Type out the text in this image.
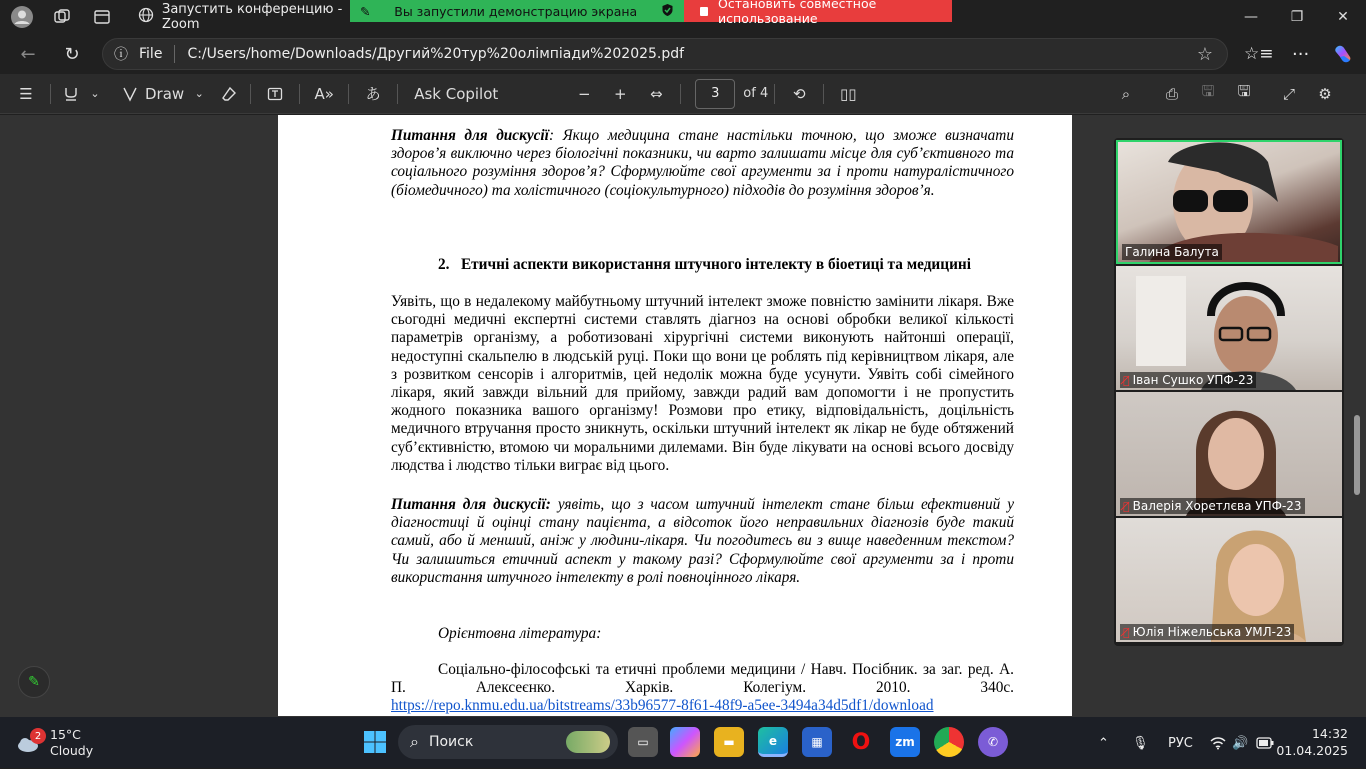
Запустить конференцию - Zoom
✎ Вы запустили демонстрацию экрана	Остановить совместное использование	—	❐	✕
←	↻	ⓘ File C:/Users/home/Downloads/Другий%20тур%20олімпіади%202025.pdf	☆ ☆≡ ···
☰	⌄	Draw ⌄	A»	あ	Ask Copilot	−	+	⇔	3	of 4	⟲	▯▯	⌕	⎙	🖫	🖫	⤢	⚙
Питання для дискусії: Якщо медицина стане настільки точною, що зможе визначати здоров’я виключно через біологічні показники, чи варто залишати місце для суб’єктивного та соціального розуміння здоров’я? Сформулюйте свої аргументи за і проти натуралістичного (біомедичного) та холістичного (соціокультурного) підходів до розуміння здоров’я.
2. Етичні аспекти використання штучного інтелекту в біоетиці та медицині
Уявіть, що в недалекому майбутньому штучний інтелект зможе повністю замінити лікаря. Вже сьогодні медичні експертні системи ставлять діагноз на основі обробки великої кількості параметрів організму, а роботизовані хірургічні системи виконують найтонші операції, недоступні скальпелю в людській руці. Поки що вони це роблять під керівництвом лікаря, але з розвитком сенсорів і алгоритмів, цей недолік можна буде усунути. Уявіть собі сімейного лікаря, який завжди вільний для прийому, завжди радий вам допомогти і не пропустить жодного показника вашого організму! Розмови про етику, відповідальність, доцільність медичного втручання просто зникнуть, оскільки штучний інтелект як лікар не буде обтяжений суб’єктивністю, втомою чи моральними дилемами. Він буде лікувати на основі всього досвіду людства і людство тільки виграє від цього.
Питання для дискусії: уявіть, що з часом штучний інтелект стане більш ефективний у діагностиці й оцінці стану пацієнта, а відсоток його неправильних діагнозів буде такий самий, або й менший, аніж у людини-лікаря. Чи погодитесь ви з вище наведенним текстом? Чи залишиться етичний аспект у такому разі? Сформулюйте свої аргументи за і проти використання штучного інтелекту в ролі повноцінного лікаря.
Орієнтовна література:
Соціально-філософські та етичні проблеми медицини / Навч. Посібник. за заг. ред. А. П. Алексеєнко. Харків. Колегіум. 2010. 340с.
https://repo.knmu.edu.ua/bitstreams/33b96577-8f61-48f9-a5ee-3494a34d5df1/download
Галина Балута
🎙̸ Іван Сушко УПФ-23
🎙̸ Валерія Хоретлєва УПФ-23
🎙̸ Юлія Ніжельська УМЛ-23
✎
2 15°C
Cloudy	⌕ Поиск	▭	▬	e	▦	O	zm	✆	⌃ 🎙 РУС	🔊
14:32
01.04.2025
